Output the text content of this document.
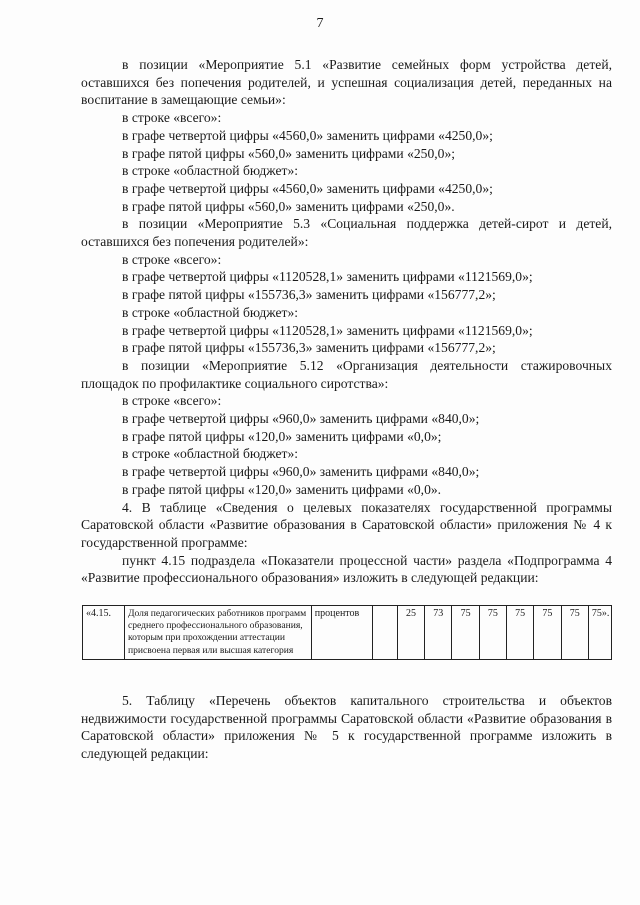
7

в позиции «Мероприятие 5.1 «Развитие семейных форм устройства детей, оставшихся без попечения родителей, и успешная социализация детей, переданных на воспитание в замещающие семьи»:

в строке «всего»:

в графе четвертой цифры «4560,0» заменить цифрами «4250,0»;

в графе пятой цифры «560,0» заменить цифрами «250,0»;

в строке «областной бюджет»:

в графе четвертой цифры «4560,0» заменить цифрами «4250,0»;

в графе пятой цифры «560,0» заменить цифрами «250,0».

в позиции «Мероприятие 5.3 «Социальная поддержка детей-сирот и детей, оставшихся без попечения родителей»:

в строке «всего»:

в графе четвертой цифры «1120528,1» заменить цифрами «1121569,0»;

в графе пятой цифры «155736,3» заменить цифрами «156777,2»;

в строке «областной бюджет»:

в графе четвертой цифры «1120528,1» заменить цифрами «1121569,0»;

в графе пятой цифры «155736,3» заменить цифрами «156777,2»;

в позиции «Мероприятие 5.12 «Организация деятельности стажировочных площадок по профилактике социального сиротства»:

в строке «всего»:

в графе четвертой цифры «960,0» заменить цифрами «840,0»;

в графе пятой цифры «120,0» заменить цифрами «0,0»;

в строке «областной бюджет»:

в графе четвертой цифры «960,0» заменить цифрами «840,0»;

в графе пятой цифры «120,0» заменить цифрами «0,0».

4. В таблице «Сведения о целевых показателях государственной программы Саратовской области «Развитие образования в Саратовской области» приложения № 4 к государственной программе:

пункт 4.15 подраздела «Показатели процессной части» раздела «Подпрограмма 4 «Развитие профессионального образования» изложить в следующей редакции:

«4.15.	Доля педагогических работников программ среднего профессионального образования, которым при прохождении аттестации присвоена первая или высшая категория	процентов		25	73	75	75	75	75	75	75».

5. Таблицу «Перечень объектов капитального строительства и объектов недвижимости государственной программы Саратовской области «Развитие образования в Саратовской области» приложения № 5 к государственной программе изложить в следующей редакции:
